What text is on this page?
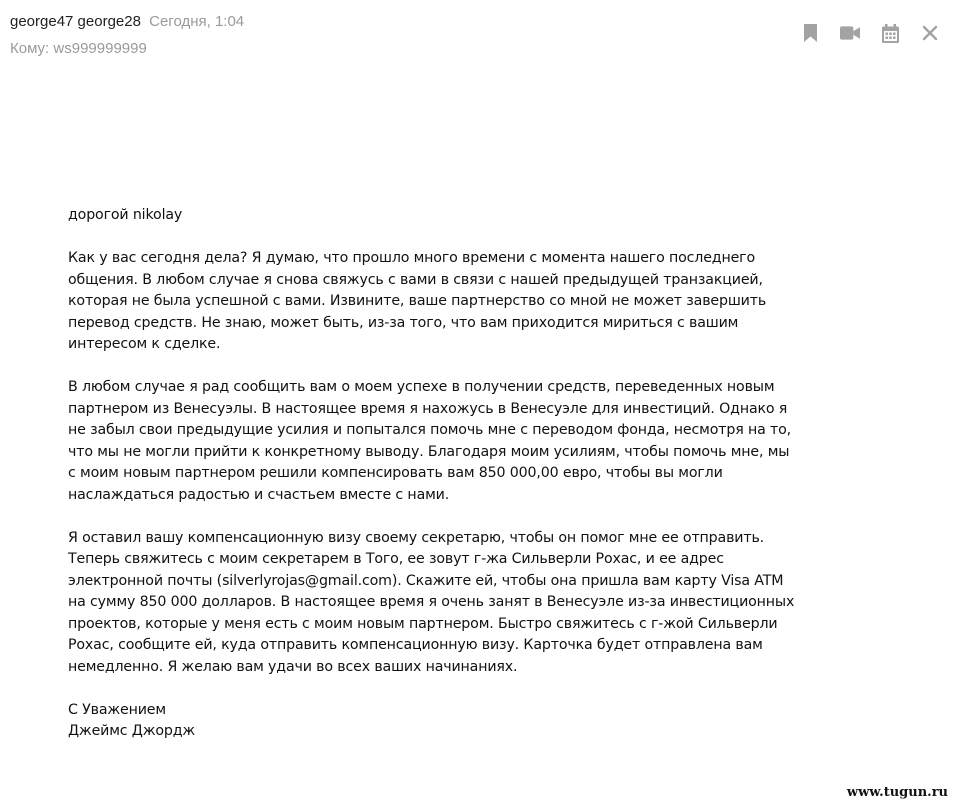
george47 george28 Сегодня, 1:04
Кому: ws999999999

дорогой nikolay

Как у вас сегодня дела? Я думаю, что прошло много времени с момента нашего последнего общения. В любом случае я снова свяжусь с вами в связи с нашей предыдущей транзакцией, которая не была успешной с вами. Извините, ваше партнерство со мной не может завершить перевод средств. Не знаю, может быть, из-за того, что вам приходится мириться с вашим интересом к сделке.

В любом случае я рад сообщить вам о моем успехе в получении средств, переведенных новым партнером из Венесуэлы. В настоящее время я нахожусь в Венесуэле для инвестиций. Однако я не забыл свои предыдущие усилия и попытался помочь мне с переводом фонда, несмотря на то, что мы не могли прийти к конкретному выводу. Благодаря моим усилиям, чтобы помочь мне, мы с моим новым партнером решили компенсировать вам 850 000,00 евро, чтобы вы могли наслаждаться радостью и счастьем вместе с нами.

Я оставил вашу компенсационную визу своему секретарю, чтобы он помог мне ее отправить. Теперь свяжитесь с моим секретарем в Того, ее зовут г-жа Сильверли Рохас, и ее адрес электронной почты (silverlyrojas@gmail.com). Скажите ей, чтобы она пришла вам карту Visa ATM на сумму 850 000 долларов. В настоящее время я очень занят в Венесуэле из-за инвестиционных проектов, которые у меня есть с моим новым партнером. Быстро свяжитесь с г-жой Сильверли Рохас, сообщите ей, куда отправить компенсационную визу. Карточка будет отправлена вам немедленно. Я желаю вам удачи во всех ваших начинаниях.

С Уважением

Джеймс Джордж

www.tugun.ru
